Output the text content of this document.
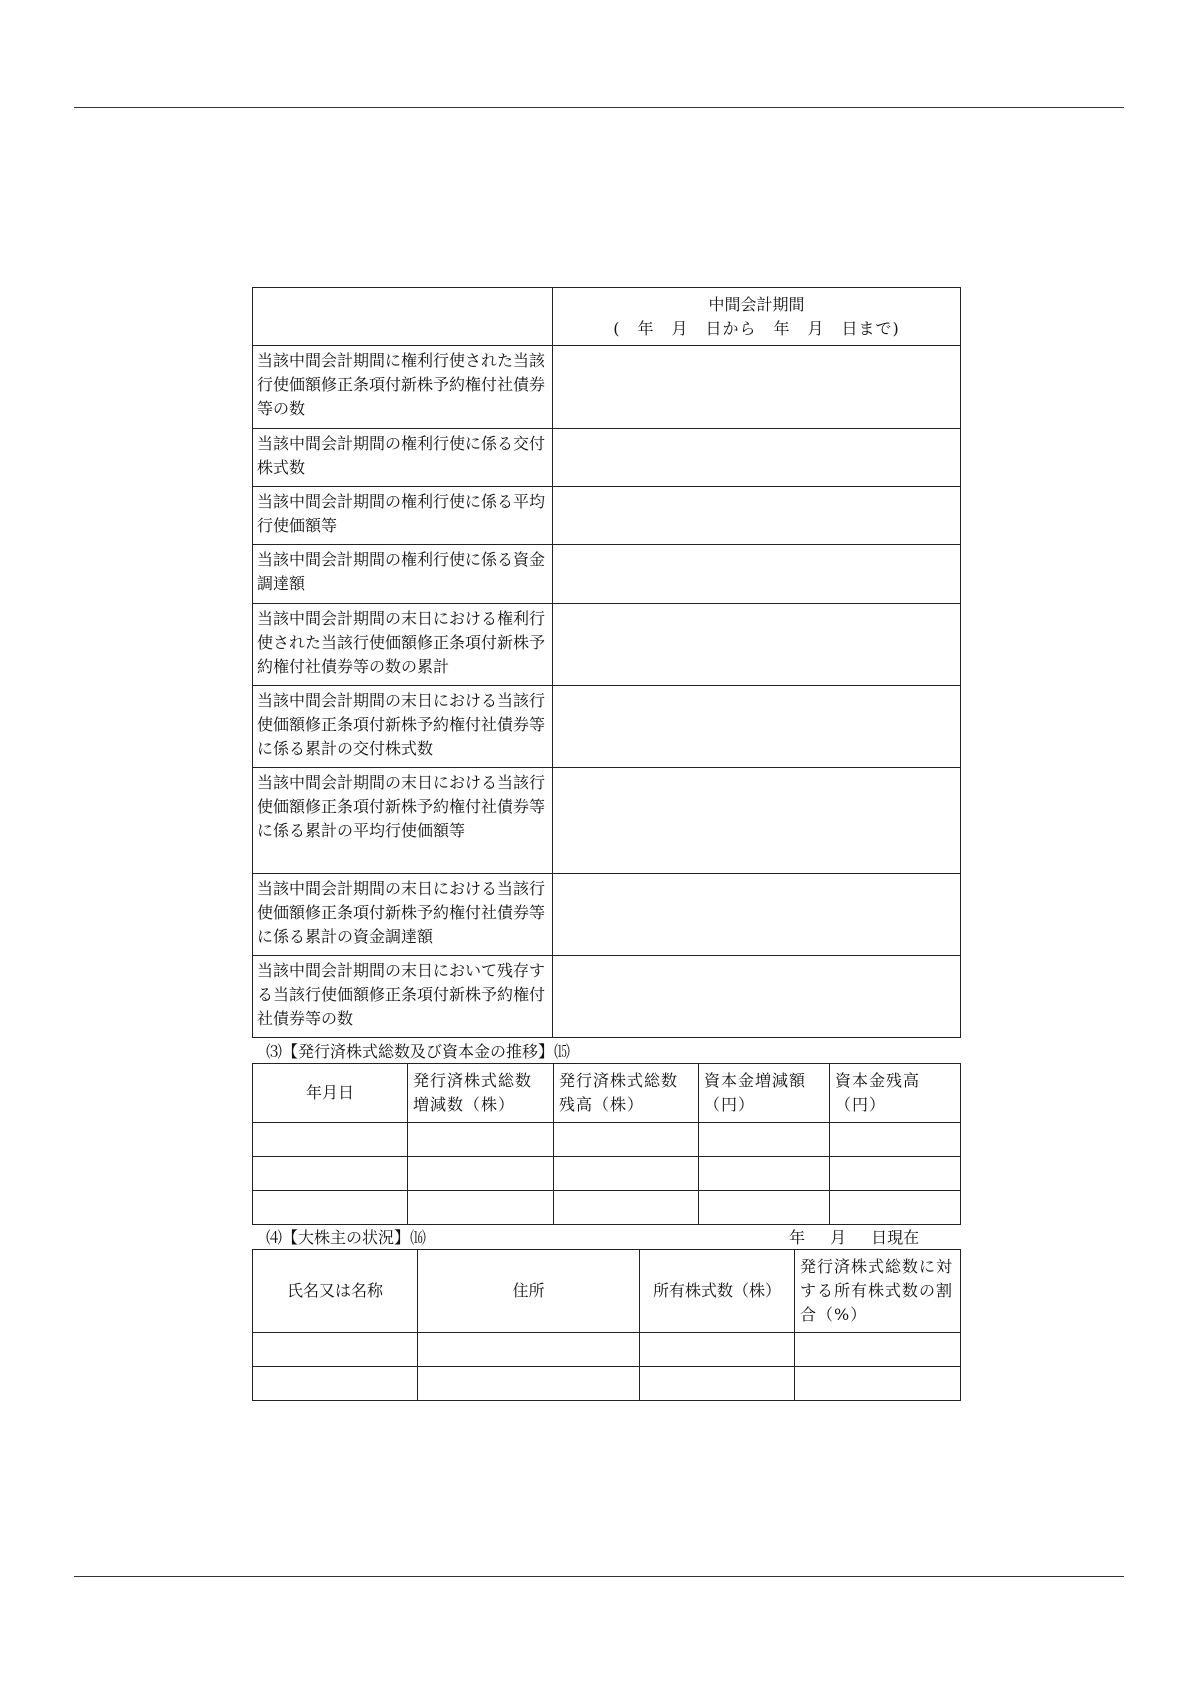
	中間会計期間
(　年　月　日から　年　月　日まで)

当該中間会計期間に権利行使された当該行使価額修正条項付新株予約権付社債券等の数	
当該中間会計期間の権利行使に係る交付株式数	
当該中間会計期間の権利行使に係る平均行使価額等	
当該中間会計期間の権利行使に係る資金調達額	
当該中間会計期間の末日における権利行使された当該行使価額修正条項付新株予約権付社債券等の数の累計	
当該中間会計期間の末日における当該行使価額修正条項付新株予約権付社債券等に係る累計の交付株式数	
当該中間会計期間の末日における当該行使価額修正条項付新株予約権付社債券等に係る累計の平均行使価額等	
当該中間会計期間の末日における当該行使価額修正条項付新株予約権付社債券等に係る累計の資金調達額	
当該中間会計期間の末日において残存する当該行使価額修正条項付新株予約権付社債券等の数	
⑶【発行済株式総数及び資本金の推移】⒂
年月日	発行済株式総数増減数（株）	発行済株式総数残高（株）	資本金増減額（円）	資本金残高（円）

⑷【大株主の状況】⒃	年 月 日現在
氏名又は名称	住所	所有株式数（株）	発行済株式総数に対する所有株式数の割合（%）
